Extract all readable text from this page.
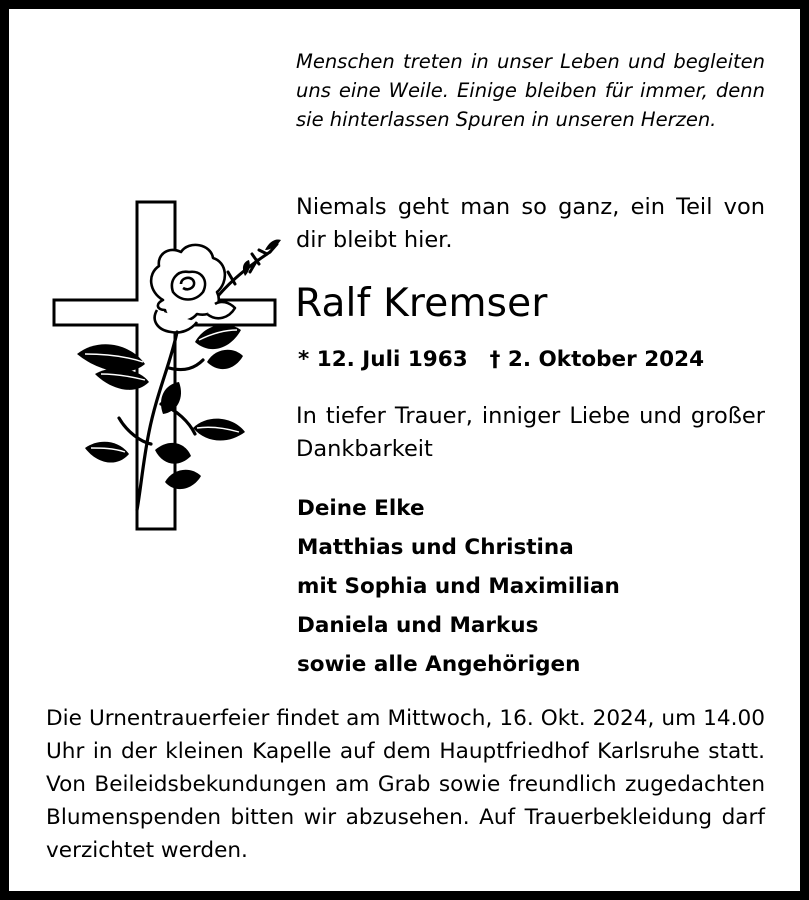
Menschen treten in unser Leben und begleiten uns eine Weile. Einige bleiben für immer, denn sie hinterlassen Spuren in unseren Herzen.

Niemals geht man so ganz, ein Teil von dir bleibt hier.

Ralf Kremser
* 12. Juli 1963 † 2. Oktober 2024

In tiefer Trauer, inniger Liebe und großer Dankbarkeit

Deine Elke
Matthias und Christina
mit Sophia und Maximilian
Daniela und Markus
sowie alle Angehörigen

Die Urnentrauerfeier findet am Mittwoch, 16. Okt. 2024, um 14.00 Uhr in der kleinen Kapelle auf dem Hauptfriedhof Karlsruhe statt. Von Beileidsbekundungen am Grab sowie freundlich zugedachten Blumenspenden bitten wir abzusehen. Auf Trauerbekleidung darf verzichtet werden.
